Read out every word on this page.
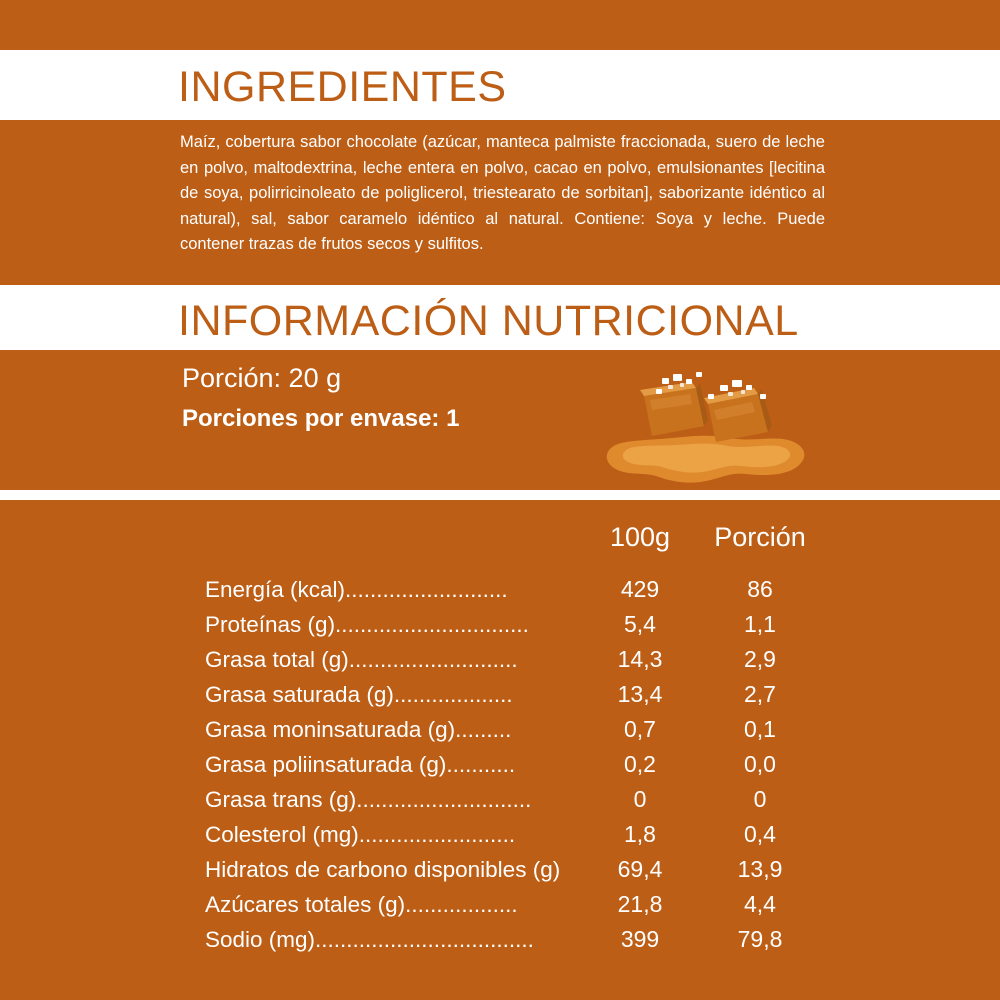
INGREDIENTES
Maíz, cobertura sabor chocolate (azúcar, manteca palmiste fraccionada, suero de leche en polvo, maltodextrina, leche entera en polvo, cacao en polvo, emulsionantes [lecitina de soya, polirricinoleato de poliglicerol, triestearato de sorbitan], saborizante idéntico al natural), sal, sabor caramelo idéntico al natural. Contiene: Soya y leche. Puede contener trazas de frutos secos y sulfitos.
INFORMACIÓN NUTRICIONAL
Porción: 20 g
Porciones por envase: 1
100g	Porción
Energía (kcal)..........................	429	86
Proteínas (g)...............................	5,4	1,1
Grasa total (g)...........................	14,3	2,9
Grasa saturada (g)...................	13,4	2,7
Grasa moninsaturada (g).........	0,7	0,1
Grasa poliinsaturada (g)...........	0,2	0,0
Grasa trans (g)............................	0	0
Colesterol (mg).........................	1,8	0,4
Hidratos de carbono disponibles (g)	69,4	13,9
Azúcares totales (g)..................	21,8	4,4
Sodio (mg)...................................	399	79,8
